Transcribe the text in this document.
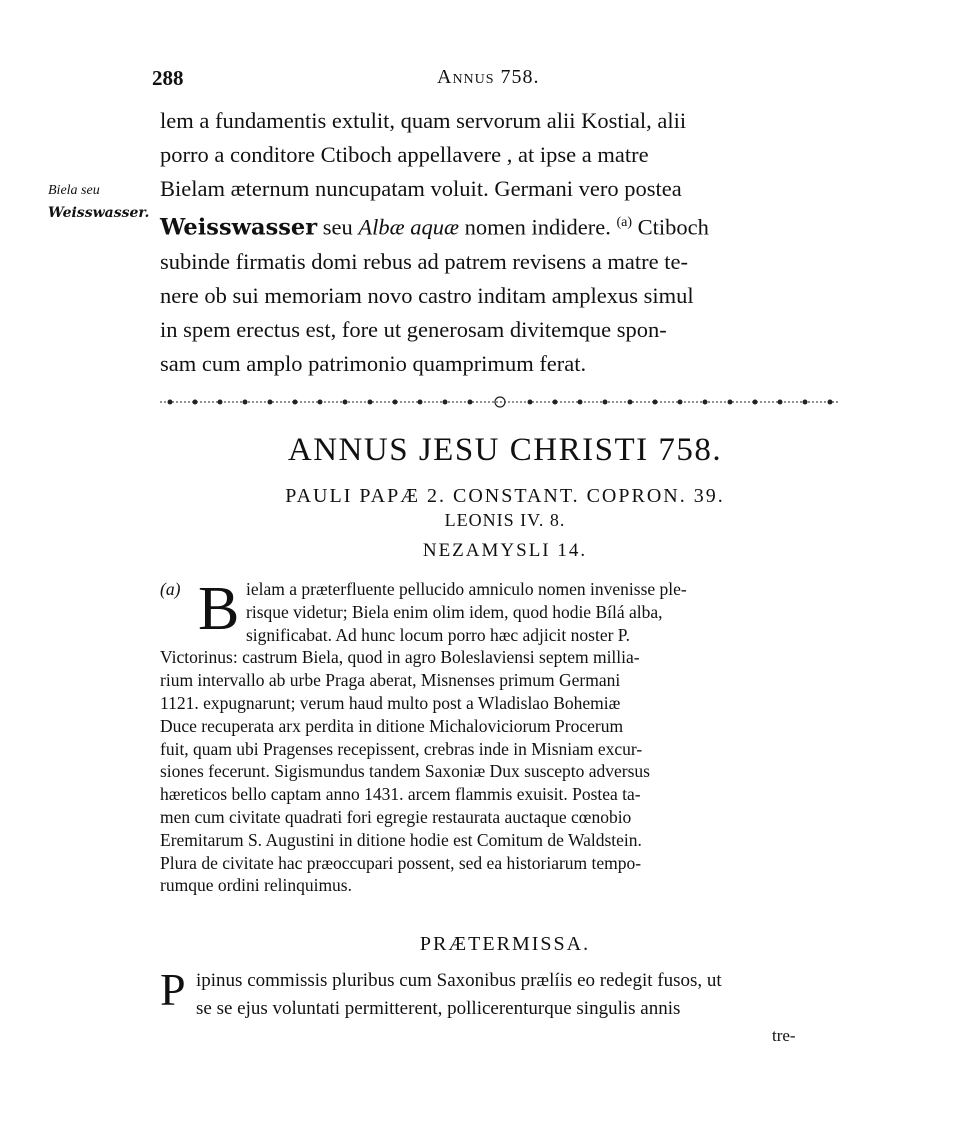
288	Annus 758.
Biela seu
Weisswasser.
lem a fundamentis extulit, quam servorum alii Kostial, alii
porro a conditore Ctiboch appellavere , at ipse a matre
Bielam æternum nuncupatam voluit. Germani vero postea
Weisswasser seu Albæ aquæ nomen indidere. $^{(a)}$ Ctiboch
subinde firmatis domi rebus ad patrem revisens a matre te-
nere ob sui memoriam novo castro inditam amplexus simul
in spem erectus est, fore ut generosam divitemque spon-
sam cum amplo patrimonio quamprimum ferat.
ANNUS JESU CHRISTI 758.
PAULI PAPÆ 2. CONSTANT. COPRON. 39.
LEONIS IV. 8.
NEZAMYSLI 14.
(a) B ielam a præterfluente pellucido amniculo nomen invenisse ple-
risque videtur; Biela enim olim idem, quod hodie Bílá alba,
significabat. Ad hunc locum porro hæc adjicit noster P.
Victorinus: castrum Biela, quod in agro Boleslaviensi septem millia-
rium intervallo ab urbe Praga aberat, Misnenses primum Germani
1121. expugnarunt; verum haud multo post a Wladislao Bohemiæ
Duce recuperata arx perdita in ditione Michaloviciorum Procerum
fuit, quam ubi Pragenses recepissent, crebras inde in Misniam excur-
siones fecerunt. Sigismundus tandem Saxoniæ Dux suscepto adversus
hæreticos bello captam anno 1431. arcem flammis exuisit. Postea ta-
men cum civitate quadrati fori egregie restaurata auctaque cœnobio
Eremitarum S. Augustini in ditione hodie est Comitum de Waldstein.
Plura de civitate hac præoccupari possent, sed ea historiarum tempo-
rumque ordini relinquimus.
PRÆTERMISSA.
P ipinus commissis pluribus cum Saxonibus prælíis eo redegit fusos, ut
se se ejus voluntati permitterent, pollicerenturque singulis annis
tre-
